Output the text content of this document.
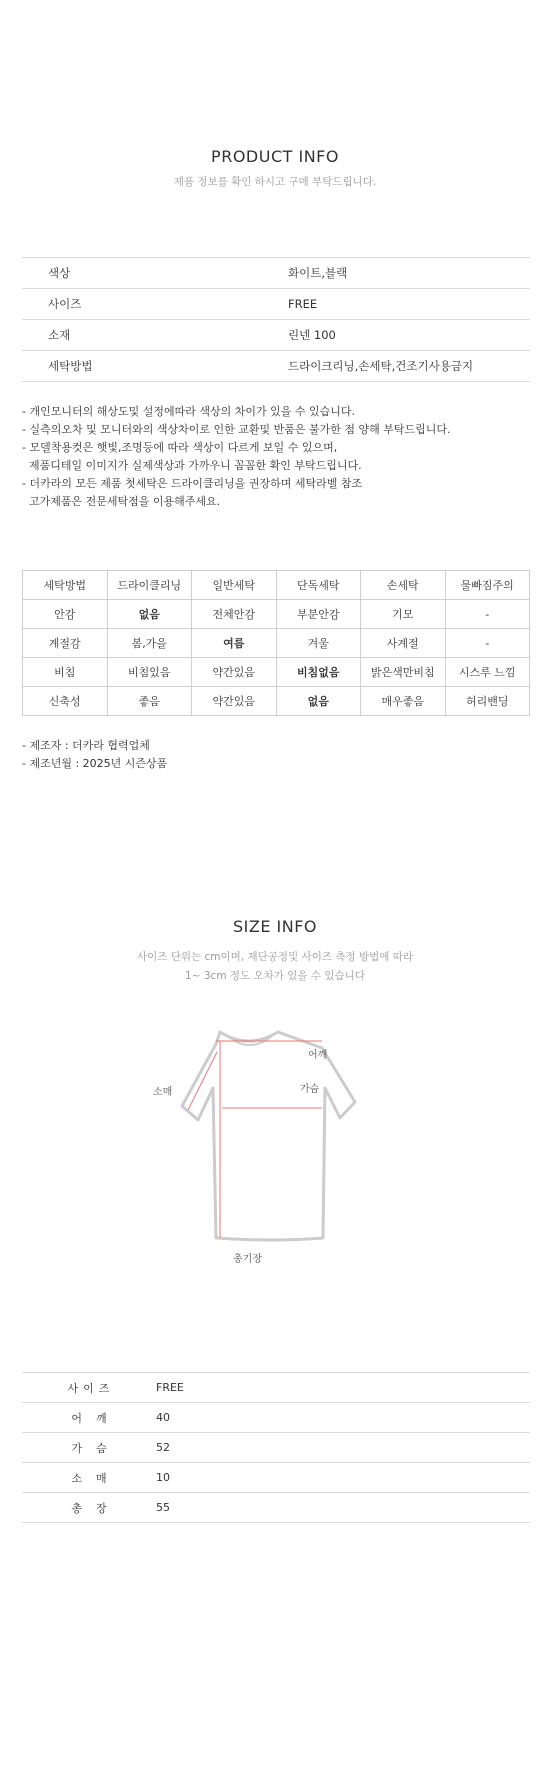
PRODUCT INFO
제품 정보를 확인 하시고 구매 부탁드립니다.
색상	화이트,블랙
사이즈	FREE
소재	린넨 100
세탁방법	드라이크리닝,손세탁,건조기사용금지
- 개인모니터의 해상도및 설정에따라 색상의 차이가 있을 수 있습니다.
- 실측의오차 및 모니터와의 색상차이로 인한 교환및 반품은 불가한 점 양해 부탁드립니다.
- 모델착용컷은 햇빛,조명등에 따라 색상이 다르게 보일 수 있으며,
제품디테일 이미지가 실제색상과 가까우니 꼼꼼한 확인 부탁드립니다.
- 더카라의 모든 제품 첫세탁은 드라이클리닝을 권장하며 세탁라벨 참조
고가제품은 전문세탁점을 이용해주세요.
세탁방법	드라이클리닝	일반세탁	단독세탁	손세탁	물빠짐주의
안감	없음	전체안감	부분안감	기모	-
계절감	봄,가을	여름	겨울	사계절	-
비침	비침있음	약간있음	비침없음	밝은색만비침	시스루 느낌
신축성	좋음	약간있음	없음	매우좋음	허리밴딩
- 제조자 : 더카라 협력업체
- 제조년월 : 2025년 시즌상품
SIZE INFO
사이즈 단위는 cm이며, 재단공정및 사이즈 측정 방법에 따라
1~ 3cm 정도 오차가 있을 수 있습니다
어깨
가슴
소매
총기장
사이즈	FREE
어깨	40
가슴	52
소매	10
총장	55
